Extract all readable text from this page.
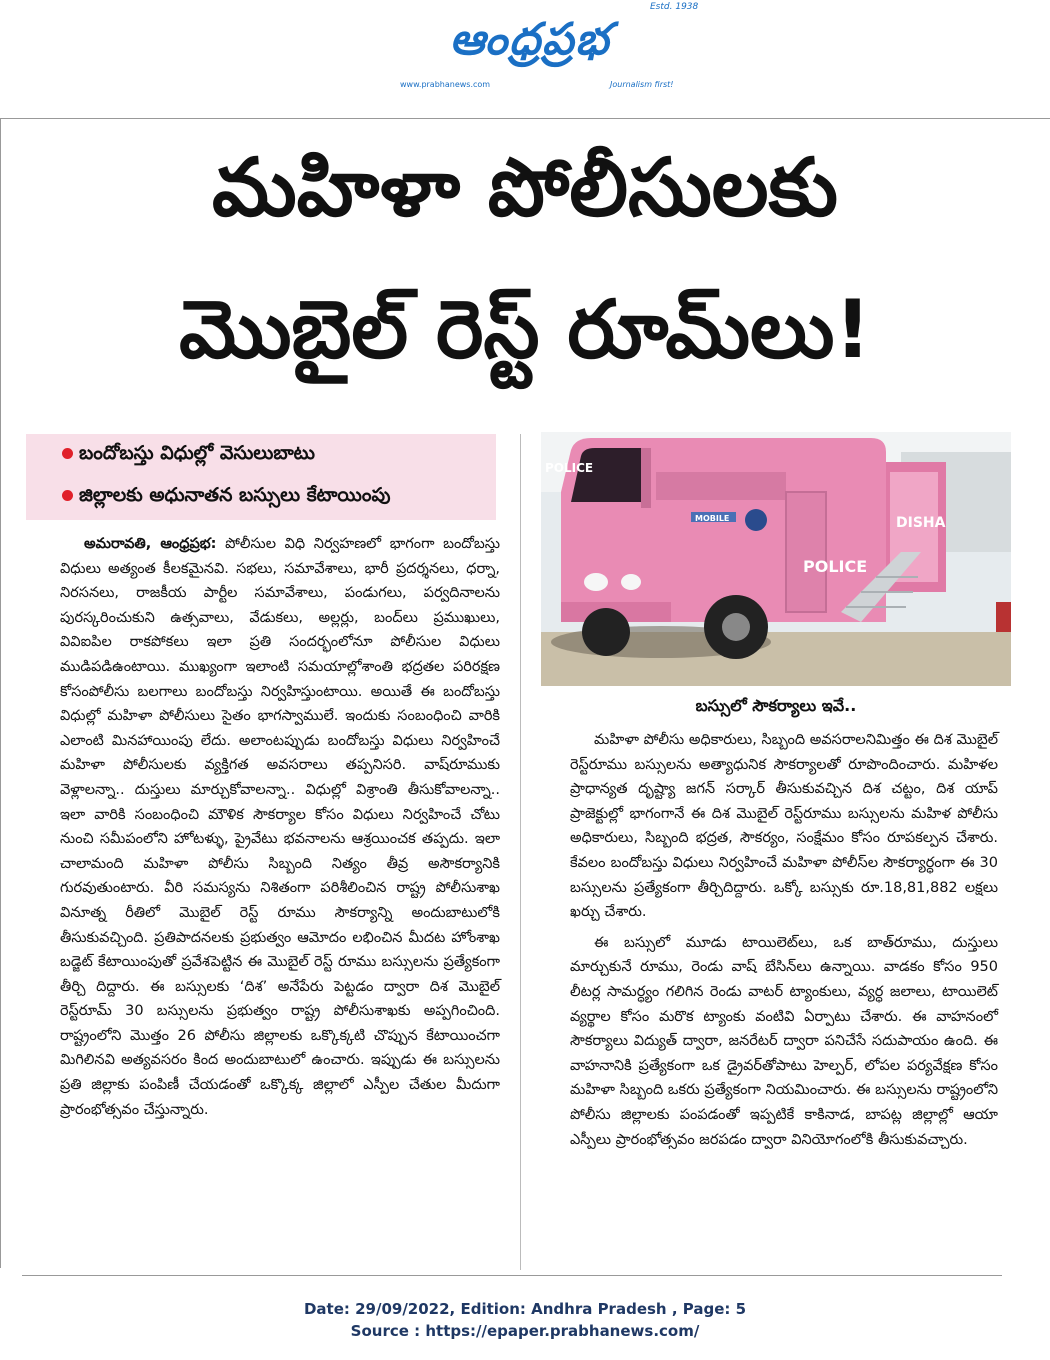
ఆంధ్రప్రభ
Estd. 1938
www.prabhanews.com	Journalism first!
మహిళా పోలీసులకు
మొబైల్ రెస్ట్ రూమ్‌లు!
బందోబస్తు విధుల్లో వెసులుబాటు
జిల్లాలకు అధునాతన బస్సులు కేటాయింపు

అమరావతి, ఆంధ్రప్రభ: పోలీసుల విధి నిర్వహణలో భాగంగా బందోబస్తు విధులు అత్యంత కీలకమైనవి. సభలు, సమావేశాలు, భారీ ప్రదర్శనలు, ధర్నా, నిరసనలు, రాజకీయ పార్టీల సమావేశాలు, పండుగలు, పర్వదినాలను పురస్కరించుకుని ఉత్సవాలు, వేడుకలు, అల్లర్లు, బంద్‌లు ప్రముఖులు, వివిఐపిల రాకపోకలు ఇలా ప్రతి సందర్భంలోనూ పోలీసుల విధులు ముడిపడిఉంటాయి. ముఖ్యంగా ఇలాంటి సమయాల్లోశాంతి భద్రతల పరిరక్షణ కోసంపోలీసు బలగాలు బందోబస్తు నిర్వహిస్తుంటాయి. అయితే ఈ బందోబస్తు విధుల్లో మహిళా పోలీసులు సైతం భాగస్వాములే. ఇందుకు సంబంధించి వారికి ఎలాంటి మినహాయింపు లేదు. అలాంటప్పుడు బందోబస్తు విధులు నిర్వహించే మహిళా పోలీసులకు వ్యక్తిగత అవసరాలు తప్పనిసరి. వాష్‌రూముకు వెళ్లాలన్నా.. దుస్తులు మార్చుకోవాలన్నా.. విధుల్లో విశ్రాంతి తీసుకోవాలన్నా.. ఇలా వారికి సంబంధించి మౌళిక సౌకర్యాల కోసం విధులు నిర్వహించే చోటు నుంచి సమీపంలోని హోటళ్ళు, ప్రైవేటు భవనాలను ఆశ్రయించక తప్పదు. ఇలా చాలామంది మహిళా పోలీసు సిబ్బంది నిత్యం తీవ్ర అసౌకర్యానికి గురవుతుంటారు. వీరి సమస్యను నిశితంగా పరిశీలించిన రాష్ట్ర పోలీసుశాఖ వినూత్న రీతిలో మొబైల్ రెస్ట్ రూము సౌకర్యాన్ని అందుబాటులోకి తీసుకువచ్చింది. ప్రతిపాదనలకు ప్రభుత్వం ఆమోదం లభించిన మీదట హోంశాఖ బడ్జెట్ కేటాయింపుతో ప్రవేశపెట్టిన ఈ మొబైల్ రెస్ట్ రూము బస్సులను ప్రత్యేకంగా తీర్చి దిద్దారు. ఈ బస్సులకు ‘దిశ’ అనేపేరు పెట్టడం ద్వారా దిశ మొబైల్ రెస్ట్‌రూమ్ 30 బస్సులను ప్రభుత్వం రాష్ట్ర పోలీసుశాఖకు అప్పగించింది. రాష్ట్రంలోని మొత్తం 26 పోలీసు జిల్లాలకు ఒక్కొక్కటి చొప్పున కేటాయించగా మిగిలినవి అత్యవసరం కింద అందుబాటులో ఉంచారు. ఇప్పుడు ఈ బస్సులను ప్రతి జిల్లాకు పంపిణీ చేయడంతో ఒక్కొక్క జిల్లాలో ఎస్పీల చేతుల మీదుగా ప్రారంభోత్సవం చేస్తున్నారు.

POLICE
MOBILE	DISHA
POLICE
బస్సులో సౌకర్యాలు ఇవే..

మహిళా పోలీసు అధికారులు, సిబ్బంది అవసరాలనిమిత్తం ఈ దిశ మొబైల్ రెస్ట్‌రూము బస్సులను అత్యాధునిక సౌకర్యాలతో రూపొందించారు. మహిళల ప్రాధాన్యత దృష్ట్యా జగన్ సర్కార్ తీసుకువచ్చిన దిశ చట్టం, దిశ యాప్ ప్రాజెక్టుల్లో భాగంగానే ఈ దిశ మొబైల్ రెస్ట్‌రూము బస్సులను మహిళ పోలీసు అధికారులు, సిబ్బంది భద్రత, సౌకర్యం, సంక్షేమం కోసం రూపకల్పన చేశారు. కేవలం బందోబస్తు విధులు నిర్వహించే మహిళా పోలీస్‌ల సౌకర్యార్ధంగా ఈ 30 బస్సులను ప్రత్యేకంగా తీర్చిదిద్దారు. ఒక్కో బస్సుకు రూ.18,81,882 లక్షలు ఖర్చు చేశారు.

ఈ బస్సులో మూడు టాయిలెట్‌లు, ఒక బాత్‌రూము, దుస్తులు మార్చుకునే రూము, రెండు వాష్ బేసిన్‌లు ఉన్నాయి. వాడకం కోసం 950 లీటర్ల సామర్ధ్యం గలిగిన రెండు వాటర్ ట్యాంకులు, వ్యర్ధ జలాలు, టాయిలెట్ వ్యర్థాల కోసం మరొక ట్యాంకు వంటివి ఏర్పాటు చేశారు. ఈ వాహనంలో సౌకర్యాలు విద్యుత్ ద్వారా, జనరేటర్ ద్వారా పనిచేసే సదుపాయం ఉంది. ఈ వాహనానికి ప్రత్యేకంగా ఒక డ్రైవర్‌తోపాటు హెల్పర్, లోపల పర్యవేక్షణ కోసం మహిళా సిబ్బంది ఒకరు ప్రత్యేకంగా నియమించారు. ఈ బస్సులను రాష్ట్రంలోని పోలీసు జిల్లాలకు పంపడంతో ఇప్పటికే కాకినాడ, బాపట్ల జిల్లాల్లో ఆయా ఎస్పీలు ప్రారంభోత్సవం జరపడం ద్వారా వినియోగంలోకి తీసుకువచ్చారు.

Date: 29/09/2022, Edition: Andhra Pradesh , Page: 5
Source : https://epaper.prabhanews.com/
